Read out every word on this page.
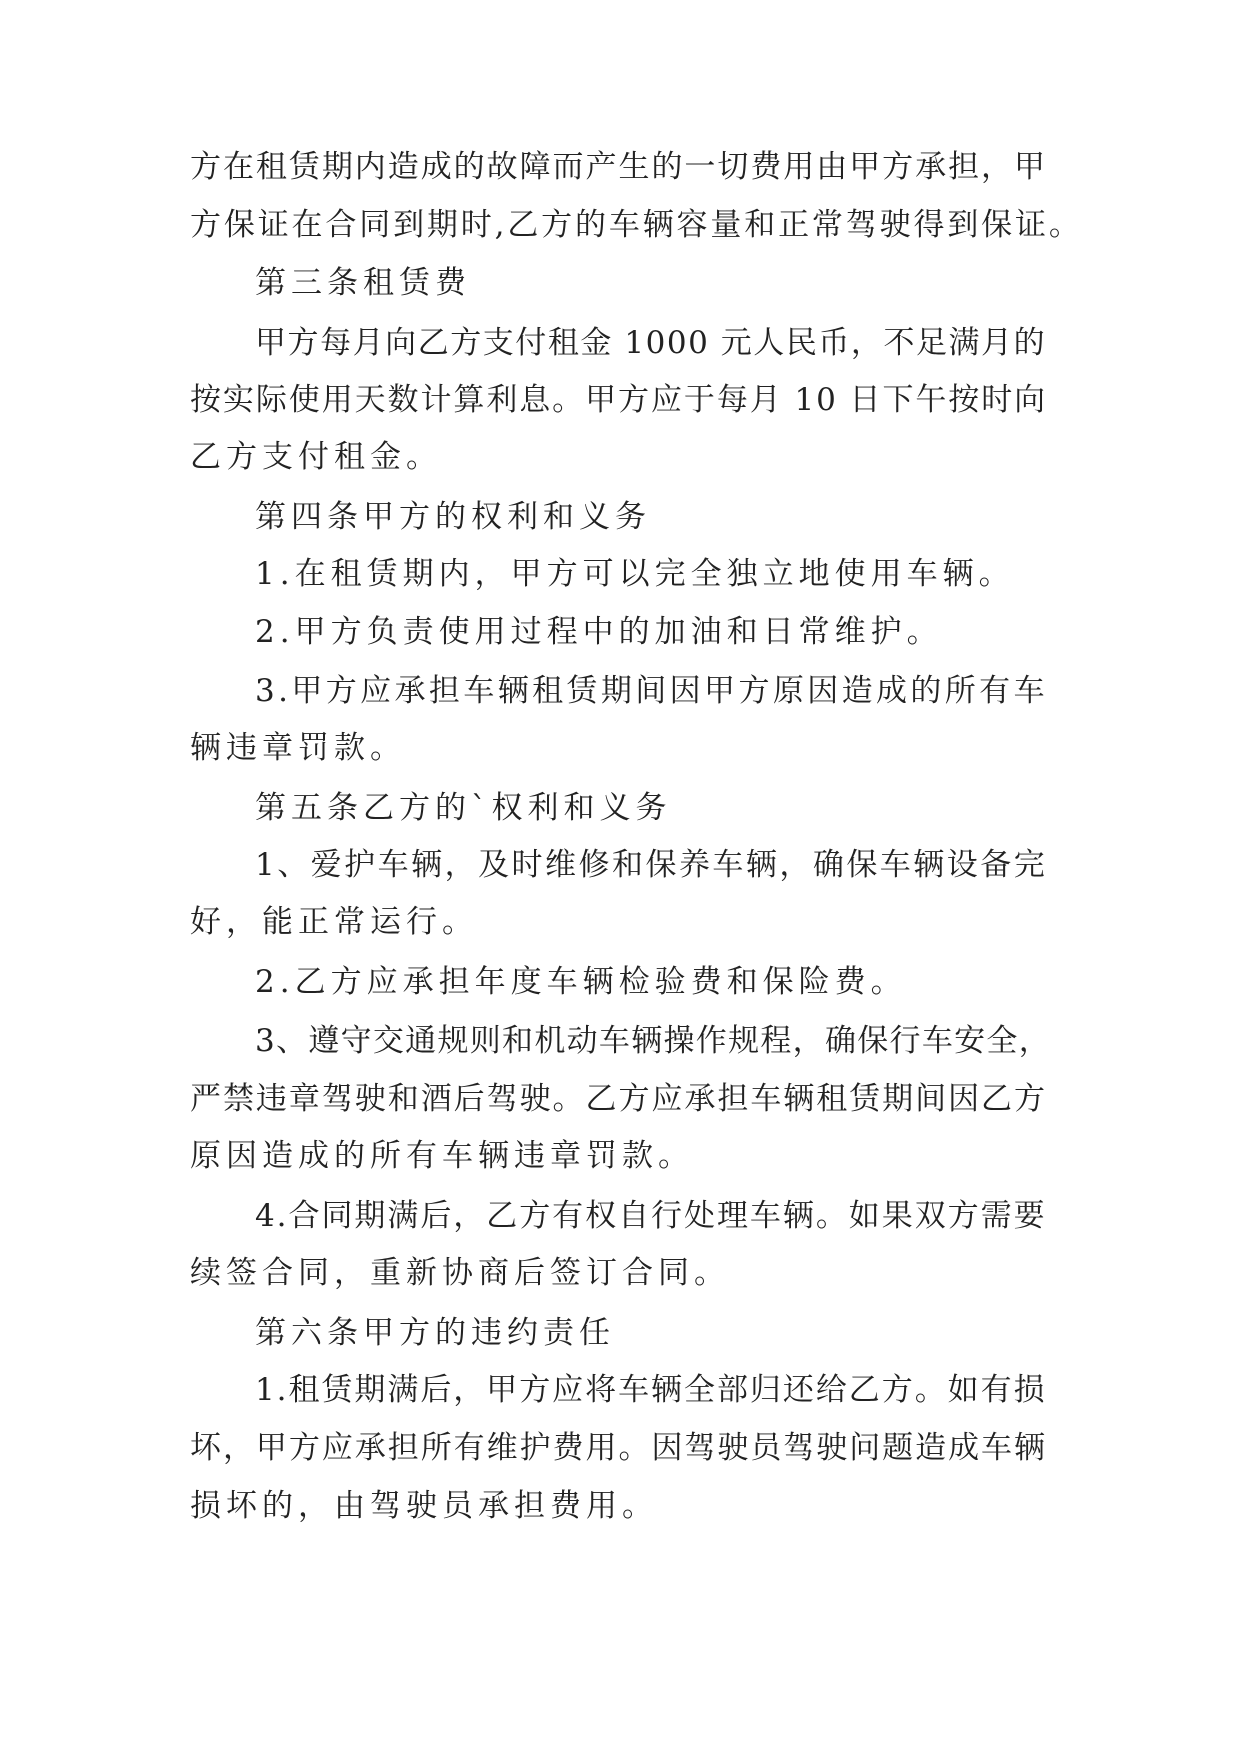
方在租赁期内造成的故障而产生的一切费用由甲方承担，甲
方保证在合同到期时,乙方的车辆容量和正常驾驶得到保证。
第三条租赁费
甲方每月向乙方支付租金 1000 元人民币，不足满月的
按实际使用天数计算利息。甲方应于每月 10 日下午按时向
乙方支付租金。
第四条甲方的权利和义务
1.在租赁期内，甲方可以完全独立地使用车辆。
2.甲方负责使用过程中的加油和日常维护。
3.甲方应承担车辆租赁期间因甲方原因造成的所有车
辆违章罚款。
第五条乙方的`权利和义务
1、爱护车辆，及时维修和保养车辆，确保车辆设备完
好，能正常运行。
2.乙方应承担年度车辆检验费和保险费。
3、遵守交通规则和机动车辆操作规程，确保行车安全，
严禁违章驾驶和酒后驾驶。乙方应承担车辆租赁期间因乙方
原因造成的所有车辆违章罚款。
4.合同期满后，乙方有权自行处理车辆。如果双方需要
续签合同，重新协商后签订合同。
第六条甲方的违约责任
1.租赁期满后，甲方应将车辆全部归还给乙方。如有损
坏，甲方应承担所有维护费用。因驾驶员驾驶问题造成车辆
损坏的，由驾驶员承担费用。
